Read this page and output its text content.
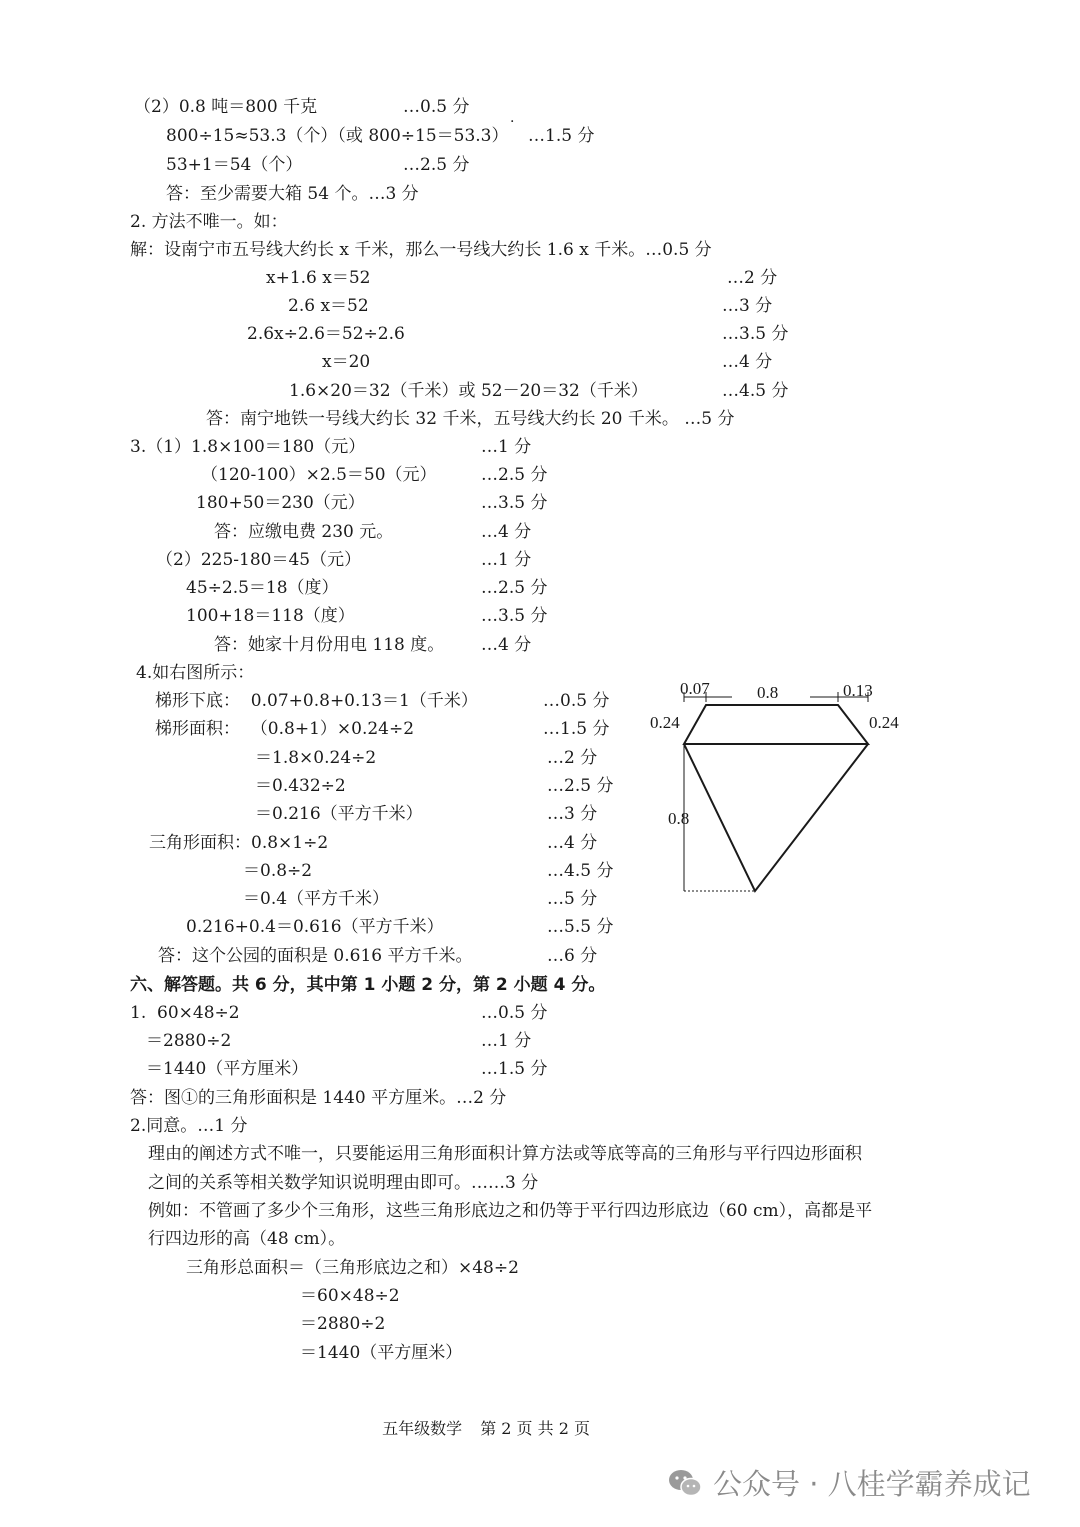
（2）0.8 吨＝800 千克	…0.5 分
800÷15≈53.3（个）（或 800÷15＝53.3） …1.5 分
·
53+1＝54（个）	…2.5 分
答：至少需要大箱 54 个。…3 分
2. 方法不唯一。如：
解：设南宁市五号线大约长 x 千米，那么一号线大约长 1.6 x 千米。…0.5 分
x+1.6 x＝52	…2 分
2.6 x＝52	…3 分
2.6x÷2.6＝52÷2.6	…3.5 分
x＝20	…4 分
1.6×20＝32（千米）或 52－20＝32（千米）	…4.5 分
答：南宁地铁一号线大约长 32 千米，五号线大约长 20 千米。 …5 分
3.（1）1.8×100＝180（元）	…1 分
（120-100）×2.5＝50（元）	…2.5 分
180+50＝230（元）	…3.5 分
答：应缴电费 230 元。	…4 分
（2）225-180＝45（元）	…1 分
45÷2.5＝18（度）	…2.5 分
100+18＝118（度）	…3.5 分
答：她家十月份用电 118 度。 …4 分
4.如右图所示：
梯形下底：  0.07+0.8+0.13＝1（千米）	…0.5 分
梯形面积：  （0.8+1）×0.24÷2	…1.5 分
＝1.8×0.24÷2	…2 分
＝0.432÷2	…2.5 分
＝0.216（平方千米）	…3 分
三角形面积：0.8×1÷2	…4 分
＝0.8÷2	…4.5 分
＝0.4（平方千米）	…5 分
0.216+0.4＝0.616（平方千米）	…5.5 分
答：这个公园的面积是 0.616 平方千米。	…6 分
六、解答题。共 6 分，其中第 1 小题 2 分，第 2 小题 4 分。
1.  60×48÷2	…0.5 分
＝2880÷2	…1 分
＝1440（平方厘米）	…1.5 分
答：图①的三角形面积是 1440 平方厘米。…2 分
2.同意。…1 分
理由的阐述方式不唯一，只要能运用三角形面积计算方法或等底等高的三角形与平行四边形面积
之间的关系等相关数学知识说明理由即可。……3 分
例如：不管画了多少个三角形，这些三角形底边之和仍等于平行四边形底边（60 cm），高都是平
行四边形的高（48 cm）。
三角形总面积＝（三角形底边之和）×48÷2
＝60×48÷2
＝2880÷2
＝1440（平方厘米）
0.07	0.8	0.13
0.24	0.24
0.8

五年级数学 第 2 页 共 2 页

公众号 · 八桂学霸养成记
